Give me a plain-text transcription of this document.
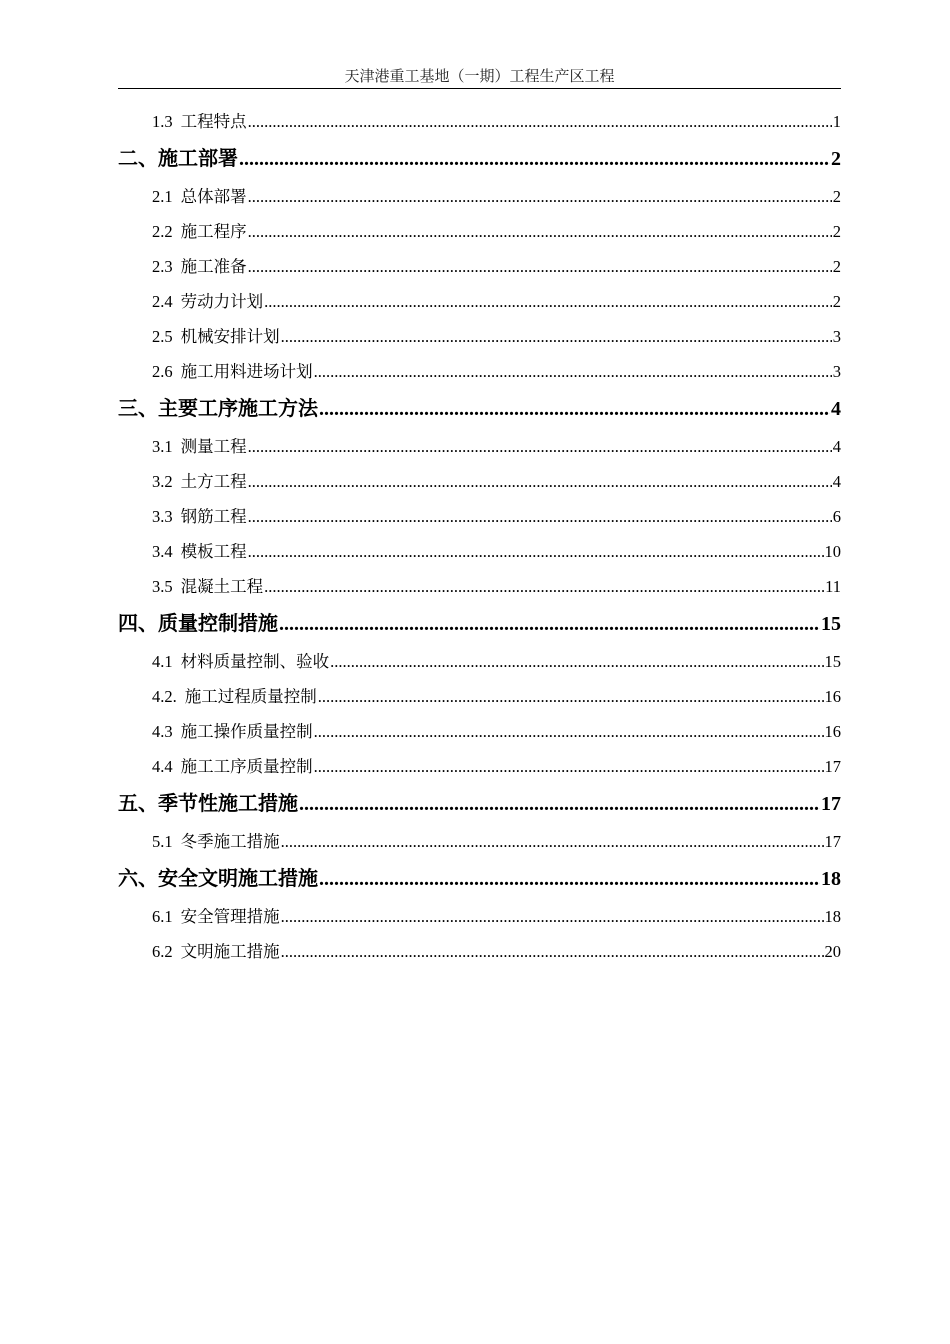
天津港重工基地（一期）工程生产区工程
1.3 工程特点 .....	1
二、施工部署 .....	2
2.1 总体部署 .....	2
2.2 施工程序 .....	2
2.3 施工准备 .....	2
2.4 劳动力计划 .....	2
2.5 机械安排计划 .....	3
2.6 施工用料进场计划 .....	3
三、主要工序施工方法 .....	4
3.1 测量工程 .....	4
3.2 土方工程 .....	4
3.3 钢筋工程 .....	6
3.4 模板工程 .....	10
3.5 混凝土工程 .....	11
四、质量控制措施 .....	15
4.1 材料质量控制、验收 .....	15
4.2. 施工过程质量控制 .....	16
4.3 施工操作质量控制 .....	16
4.4 施工工序质量控制 .....	17
五、季节性施工措施 .....	17
5.1 冬季施工措施 .....	17
六、安全文明施工措施 .....	18
6.1 安全管理措施 .....	18
6.2 文明施工措施 .....	20
